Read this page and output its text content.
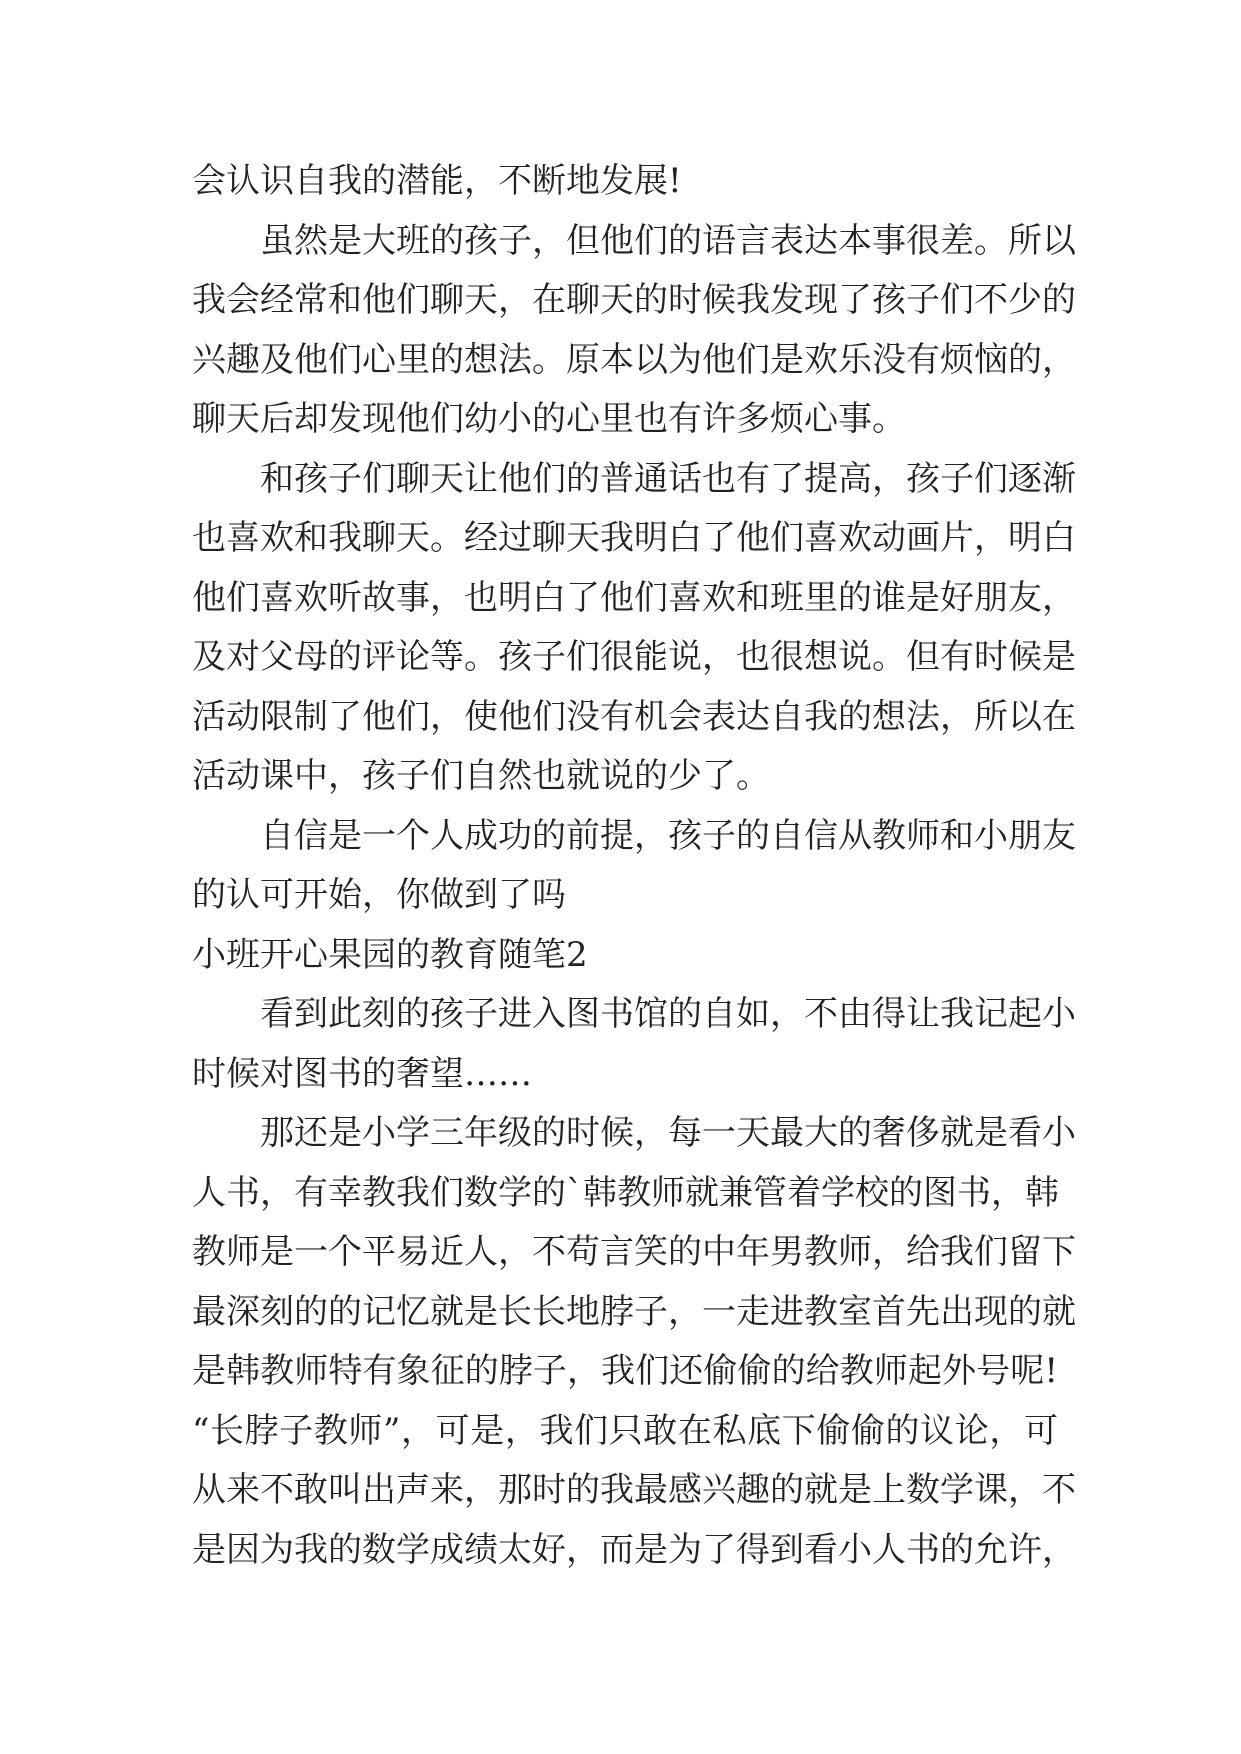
会认识自我的潜能，不断地发展!
虽然是大班的孩子，但他们的语言表达本事很差。所以
我会经常和他们聊天，在聊天的时候我发现了孩子们不少的
兴趣及他们心里的想法。原本以为他们是欢乐没有烦恼的，
聊天后却发现他们幼小的心里也有许多烦心事。
和孩子们聊天让他们的普通话也有了提高，孩子们逐渐
也喜欢和我聊天。经过聊天我明白了他们喜欢动画片，明白
他们喜欢听故事，也明白了他们喜欢和班里的谁是好朋友，
及对父母的评论等。孩子们很能说，也很想说。但有时候是
活动限制了他们，使他们没有机会表达自我的想法，所以在
活动课中，孩子们自然也就说的少了。
自信是一个人成功的前提，孩子的自信从教师和小朋友
的认可开始，你做到了吗
小班开心果园的教育随笔2
看到此刻的孩子进入图书馆的自如，不由得让我记起小
时候对图书的奢望……
那还是小学三年级的时候，每一天最大的奢侈就是看小
人书，有幸教我们数学的`韩教师就兼管着学校的图书，韩
教师是一个平易近人，不苟言笑的中年男教师，给我们留下
最深刻的的记忆就是长长地脖子，一走进教室首先出现的就
是韩教师特有象征的脖子，我们还偷偷的给教师起外号呢!
“长脖子教师”，可是，我们只敢在私底下偷偷的议论，可
从来不敢叫出声来，那时的我最感兴趣的就是上数学课，不
是因为我的数学成绩太好，而是为了得到看小人书的允许，
